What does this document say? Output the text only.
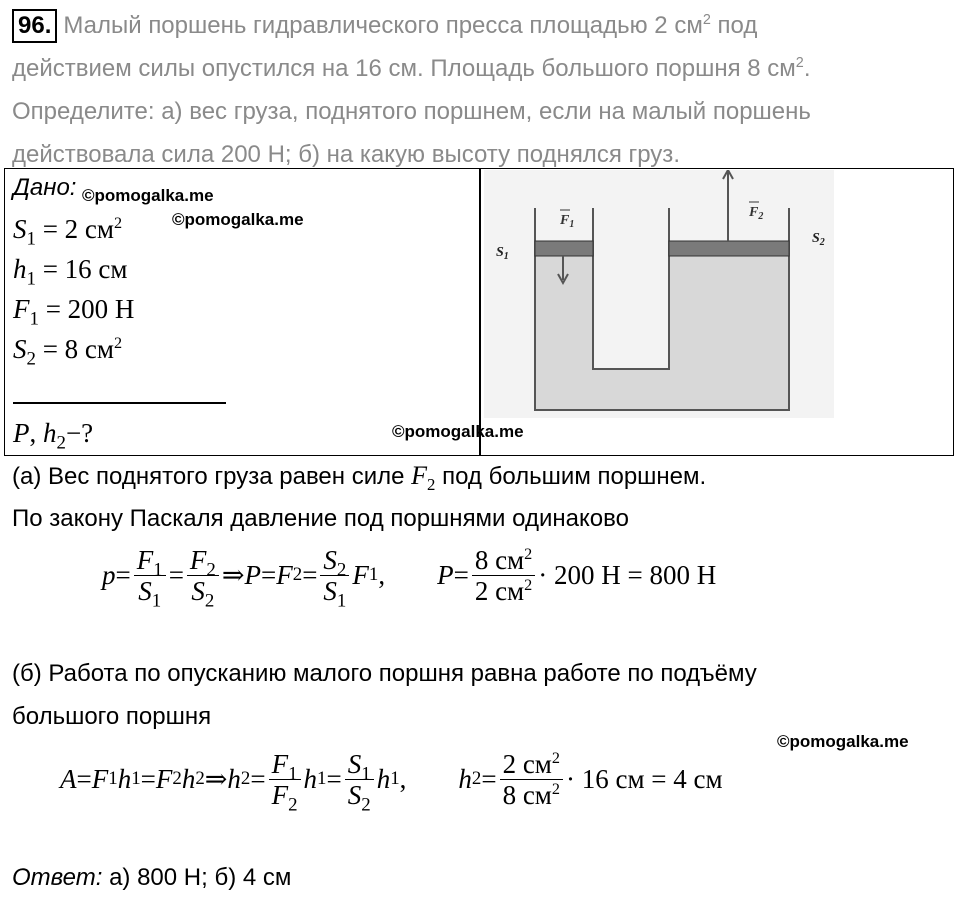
96. Малый поршень гидравлического пресса площадью 2 $см^2$ под
действием силы опустился на 16 см. Площадь большого поршня 8 $см^2$.
Определите: а) вес груза, поднятого поршнем, если на малый поршень
действовала сила 200 Н; б) на какую высоту поднялся груз.
Дано:
$S_1 = 2$ $см^2$
$h_1 = 16$ см
$F_1 = 200$ Н
$S_2 = 8$ $см^2$
P, $h_2-$?
©pomogalka.me
©pomogalka.me
©pomogalka.me
©pomogalka.me
$S_1$
$S_2$
$F_1$
$F_2$
(а) Вес поднятого груза равен силе $F_2$ под большим поршнем.
По закону Паскаля давление под поршнями одинаково
$p = \frac{F_1}{S_1} = \frac{F_2}{S_2}$ ⇒ P = F $2 = \frac{S_2}{S_1}$ F 1 , $P = \frac{8 см^2}{2 см^2} \cdot 200$ Н = 800 Н
(б) Работа по опусканию малого поршня равна работе по подъёму
большого поршня
A = F 1 h 1 = F 2 h 2 ⇒ h $2 = \frac{F_1}{F_2}$ h $1 = \frac{S_1}{S_2}$ h 1 , h $2 = \frac{2 см^2}{8 см^2} \cdot 16$ см = 4 см
Ответ: а) 800 Н; б) 4 см
